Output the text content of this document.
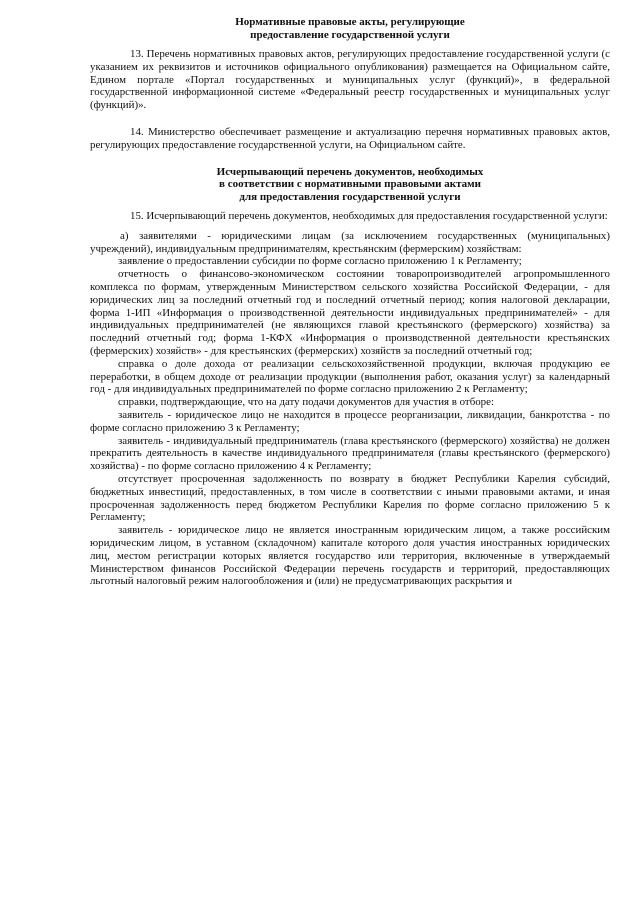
Нормативные правовые акты, регулирующие
предоставление государственной услуги

13. Перечень нормативных правовых актов, регулирующих предоставление государственной услуги (с указанием их реквизитов и источников официального опубликования) размещается на Официальном сайте, Едином портале «Портал государственных и муниципальных услуг (функций)», в федеральной государственной информационной системе «Федеральный реестр государственных и муниципальных услуг (функций)».

14. Министерство обеспечивает размещение и актуализацию перечня нормативных правовых актов, регулирующих предоставление государственной услуги, на Официальном сайте.

Исчерпывающий перечень документов, необходимых
в соответствии с нормативными правовыми актами
для предоставления государственной услуги

15. Исчерпывающий перечень документов, необходимых для предоставления государственной услуги:

а) заявителями - юридическими лицам (за исключением государственных (муниципальных) учреждений), индивидуальным предпринимателям, крестьянским (фермерским) хозяйствам:

заявление о предоставлении субсидии по форме согласно приложению 1 к Регламенту;

отчетность о финансово-экономическом состоянии товаропроизводителей агропромышленного комплекса по формам, утвержденным Министерством сельского хозяйства Российской Федерации, - для юридических лиц за последний отчетный год и последний отчетный период; копия налоговой декларации, форма 1-ИП «Информация о производственной деятельности индивидуальных предпринимателей» - для индивидуальных предпринимателей (не являющихся главой крестьянского (фермерского) хозяйства) за последний отчетный год; форма 1-КФХ «Информация о производственной деятельности крестьянских (фермерских) хозяйств» - для крестьянских (фермерских) хозяйств за последний отчетный год;

справка о доле дохода от реализации сельскохозяйственной продукции, включая продукцию ее переработки, в общем доходе от реализации продукции (выполнения работ, оказания услуг) за календарный год - для индивидуальных предпринимателей по форме согласно приложению 2 к Регламенту;

справки, подтверждающие, что на дату подачи документов для участия в отборе:

заявитель - юридическое лицо не находится в процессе реорганизации, ликвидации, банкротства - по форме согласно приложению 3 к Регламенту;

заявитель - индивидуальный предприниматель (глава крестьянского (фермерского) хозяйства) не должен прекратить деятельность в качестве индивидуального предпринимателя (главы крестьянского (фермерского) хозяйства) - по форме согласно приложению 4 к Регламенту;

отсутствует просроченная задолженность по возврату в бюджет Республики Карелия субсидий, бюджетных инвестиций, предоставленных, в том числе в соответствии с иными правовыми актами, и иная просроченная задолженность перед бюджетом Республики Карелия по форме согласно приложению 5 к Регламенту;

заявитель - юридическое лицо не является иностранным юридическим лицом, а также российским юридическим лицом, в уставном (складочном) капитале которого доля участия иностранных юридических лиц, местом регистрации которых является государство или территория, включенные в утверждаемый Министерством финансов Российской Федерации перечень государств и территорий, предоставляющих льготный налоговый режим налогообложения и (или) не предусматривающих раскрытия и
